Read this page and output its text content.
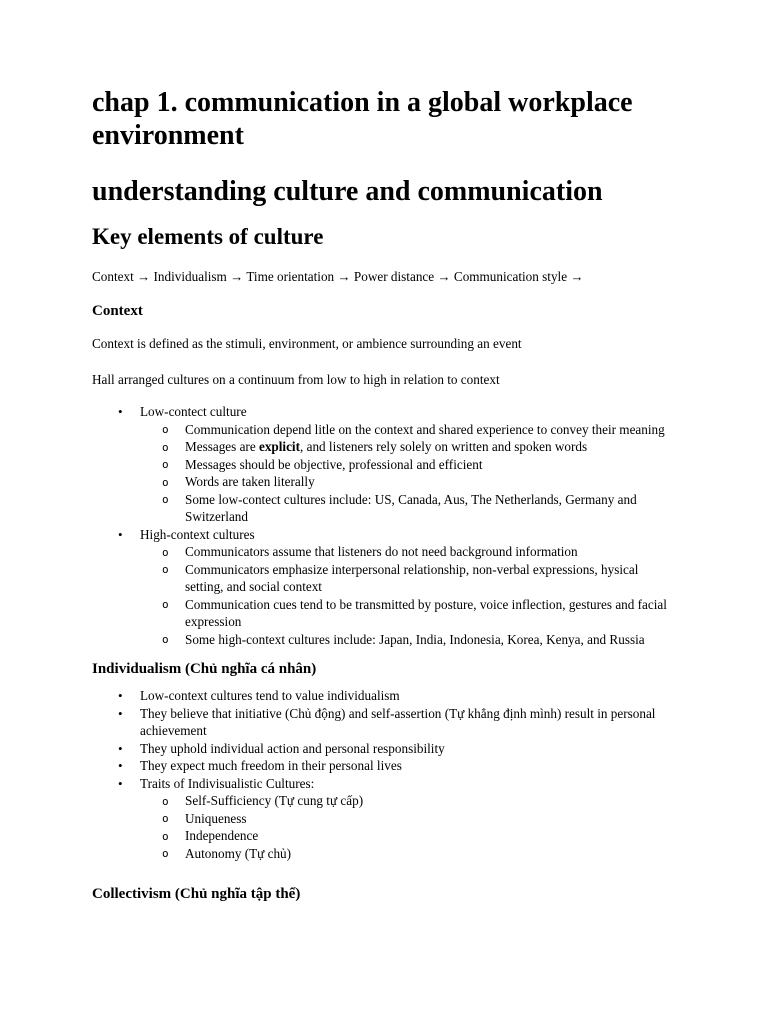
chap 1. communication in a global workplace environment
understanding culture and communication
Key elements of culture

Context → Individualism → Time orientation → Power distance → Communication style →

Context

Context is defined as the stimuli, environment, or ambience surrounding an event

Hall arranged cultures on a continuum from low to high in relation to context

• Low-contect culture
o Communication depend litle on the context and shared experience to convey their meaning
o Messages are explicit, and listeners rely solely on written and spoken words
o Messages should be objective, professional and efficient
o Words are taken literally
o Some low-contect cultures include: US, Canada, Aus, The Netherlands, Germany and Switzerland
• High-context cultures
o Communicators assume that listeners do not need background information
o Communicators emphasize interpersonal relationship, non-verbal expressions, hysical setting, and social context
o Communication cues tend to be transmitted by posture, voice inflection, gestures and facial expression
o Some high-context cultures include: Japan, India, Indonesia, Korea, Kenya, and Russia
Individualism (Chủ nghĩa cá nhân)
• Low-context cultures tend to value individualism
• They believe that initiative (Chủ động) and self-assertion (Tự khẳng định mình) result in personal achievement
• They uphold individual action and personal responsibility
• They expect much freedom in their personal lives
• Traits of Indivisualistic Cultures:
o Self-Sufficiency (Tự cung tự cấp)
o Uniqueness
o Independence
o Autonomy (Tự chủ)
Collectivism (Chủ nghĩa tập thể)
